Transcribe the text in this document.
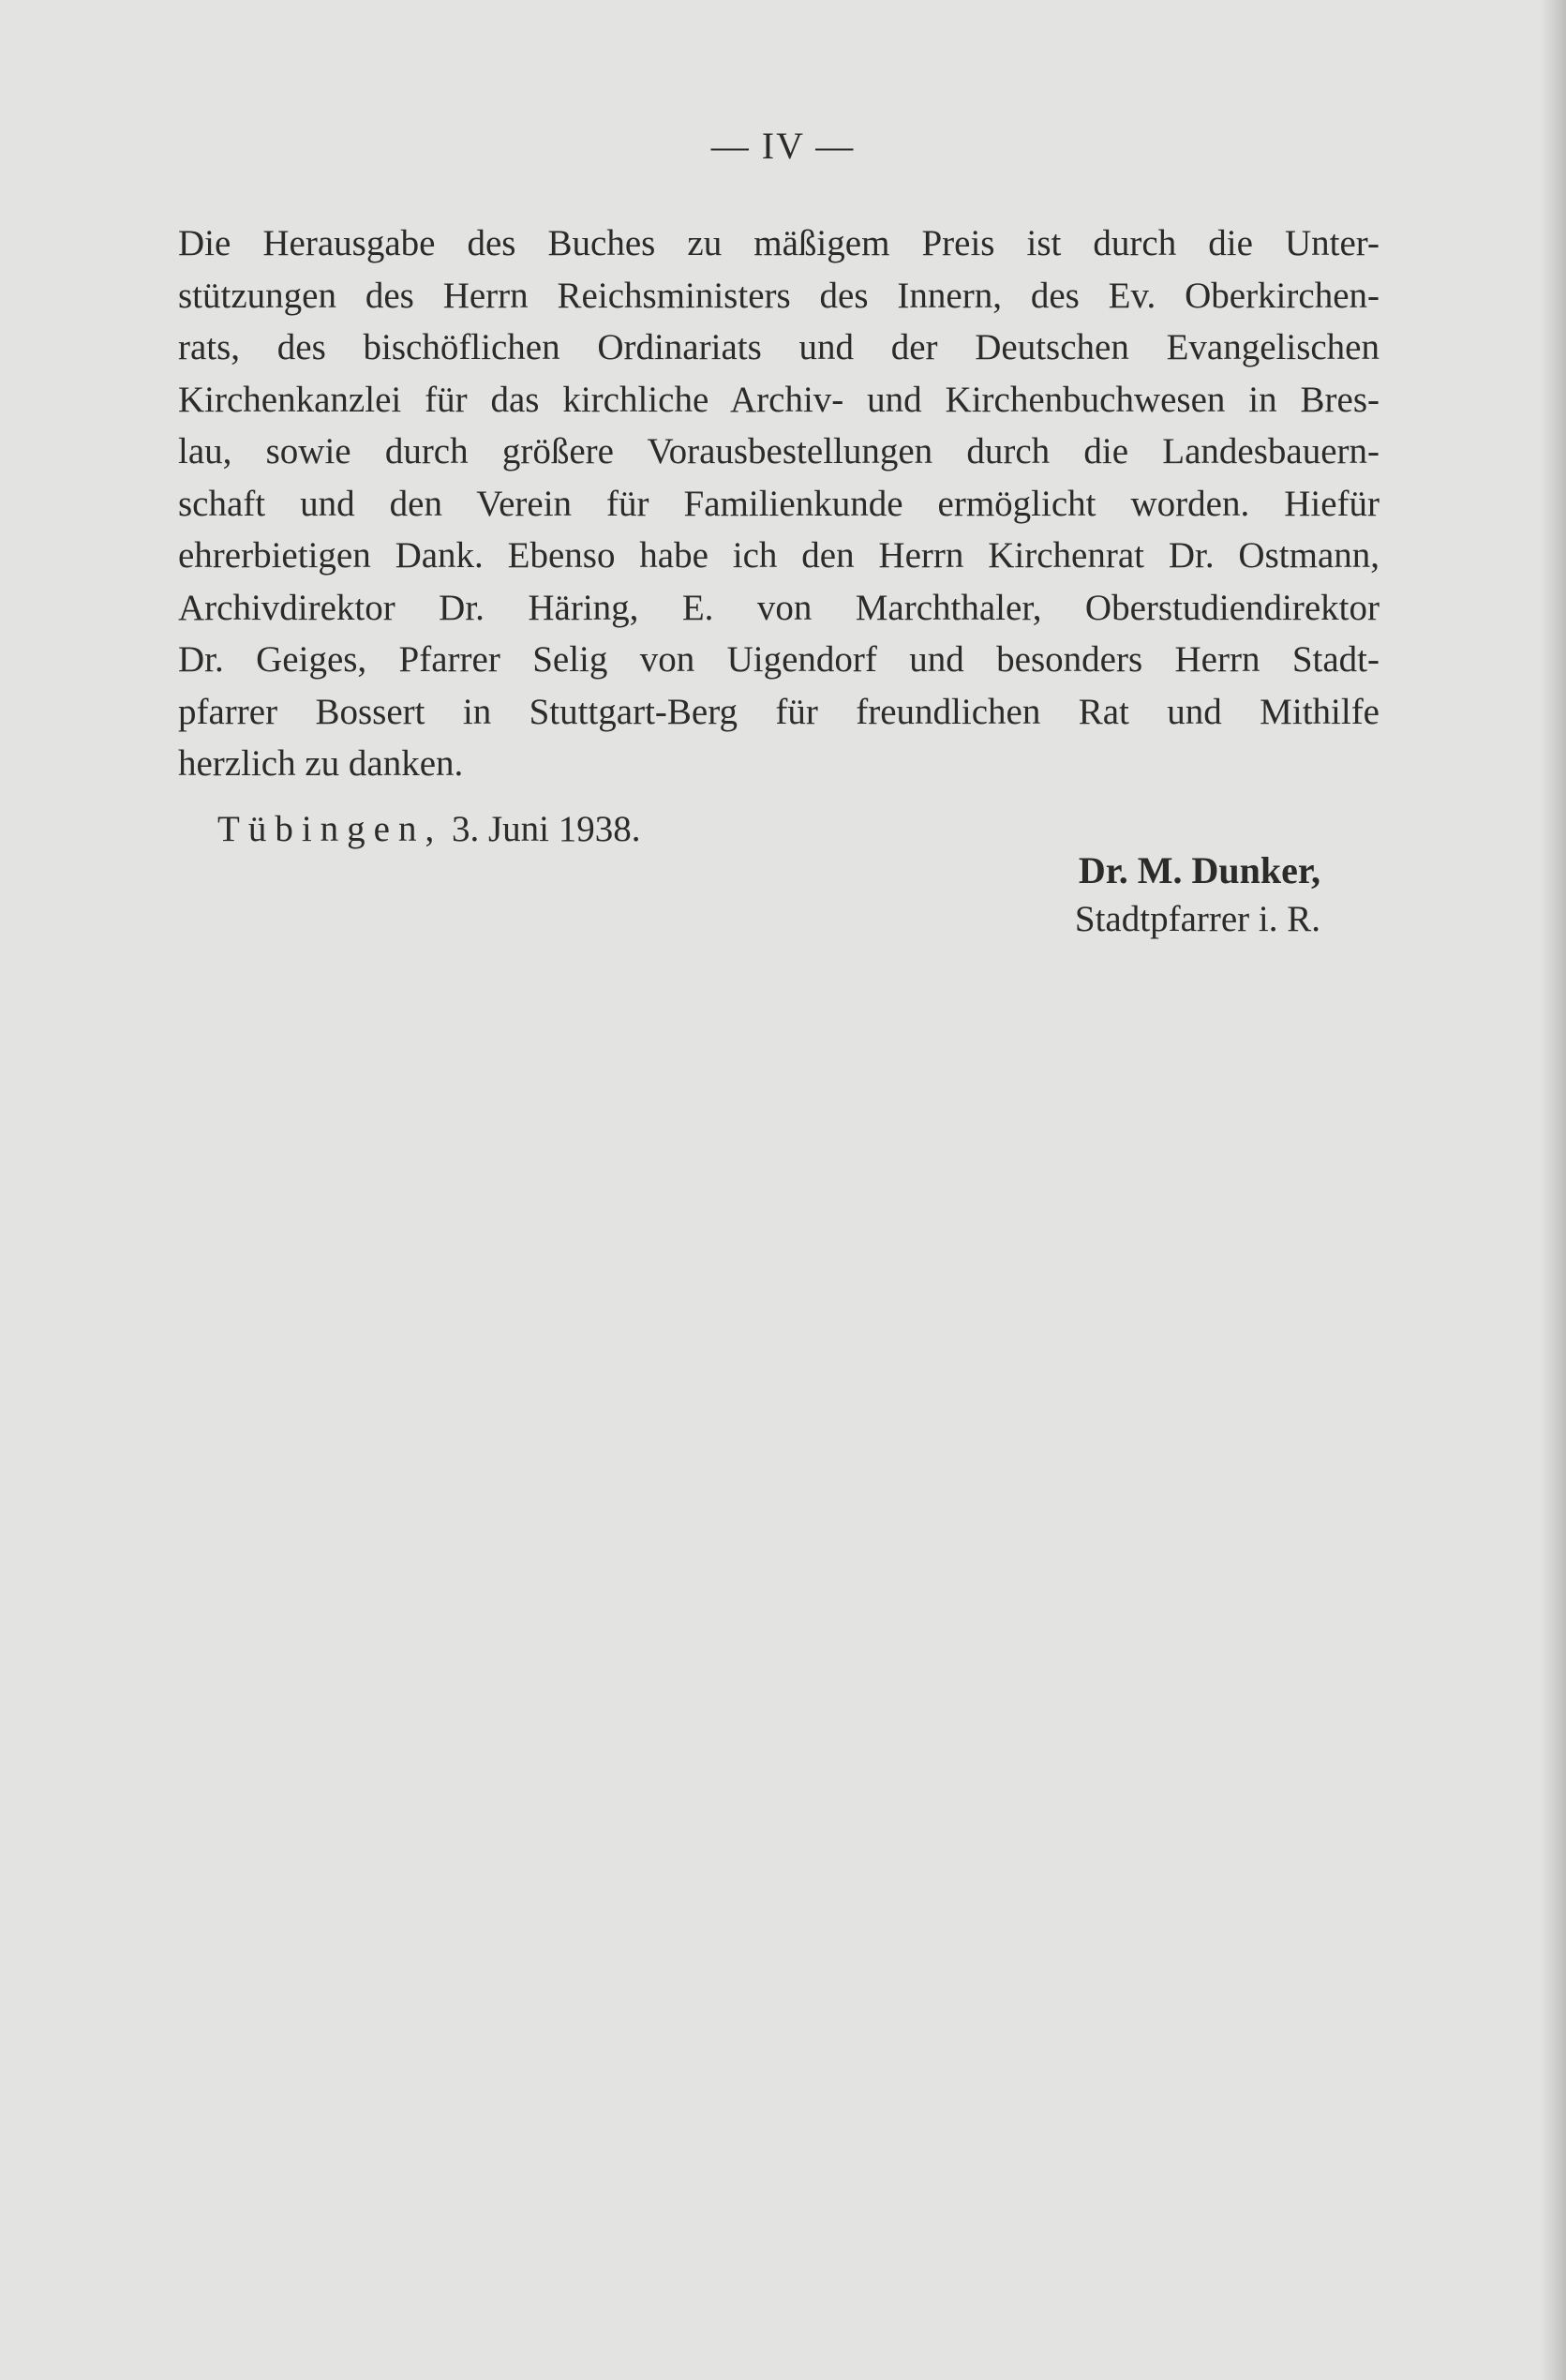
— IV —
Die Herausgabe des Buches zu mäßigem Preis ist durch die Unter-
stützungen des Herrn Reichsministers des Innern, des Ev. Oberkirchen-
rats, des bischöflichen Ordinariats und der Deutschen Evangelischen
Kirchenkanzlei für das kirchliche Archiv- und Kirchenbuchwesen in Bres-
lau, sowie durch größere Vorausbestellungen durch die Landesbauern-
schaft und den Verein für Familienkunde ermöglicht worden. Hiefür
ehrerbietigen Dank. Ebenso habe ich den Herrn Kirchenrat Dr. Ostmann,
Archivdirektor Dr. Häring, E. von Marchthaler, Oberstudiendirektor
Dr. Geiges, Pfarrer Selig von Uigendorf und besonders Herrn Stadt-
pfarrer Bossert in Stuttgart-Berg für freundlichen Rat und Mithilfe
herzlich zu danken.
Tübingen, 3. Juni 1938.
Dr. M. Dunker,
Stadtpfarrer i. R.
